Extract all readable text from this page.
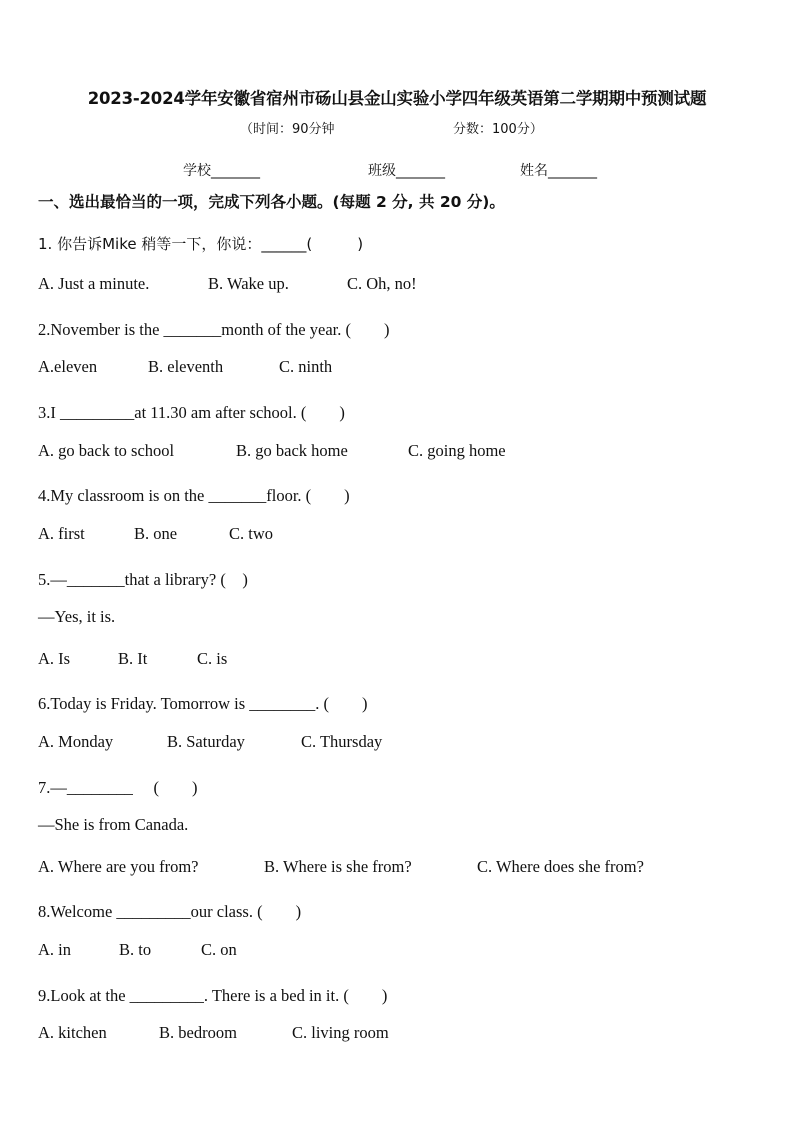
2023-2024学年安徽省宿州市砀山县金山实验小学四年级英语第二学期期中预测试题
（时间：90分钟	分数：100分）
学校_______	班级_______	姓名_______
一、选出最恰当的一项，完成下列各小题。(每题 2 分, 共 20 分)。
1. 你告诉Mike 稍等一下，你说：______(　　　)
A. Just a minute.	B. Wake up.	C. Oh, no!
2.November is the _______month of the year. (　　)
A.eleven	B. eleventh	C. ninth
3.I _________at 11.30 am after school. (　　)
A. go back to school	B. go back home	C. going home
4.My classroom is on the _______floor. (　　)
A. first	B. one	C. two
5.—_______that a library? (　)
—Yes, it is.
A. Is	B. It	C. is
6.Today is Friday. Tomorrow is ________. (　　)
A. Monday	B. Saturday	C. Thursday
7.—________ 　(　　)
—She is from Canada.
A. Where are you from?	B. Where is she from?	C. Where does she from?
8.Welcome _________our class. (　　)
A. in	B. to	C. on
9.Look at the _________. There is a bed in it. (　　)
A. kitchen	B. bedroom	C. living room
